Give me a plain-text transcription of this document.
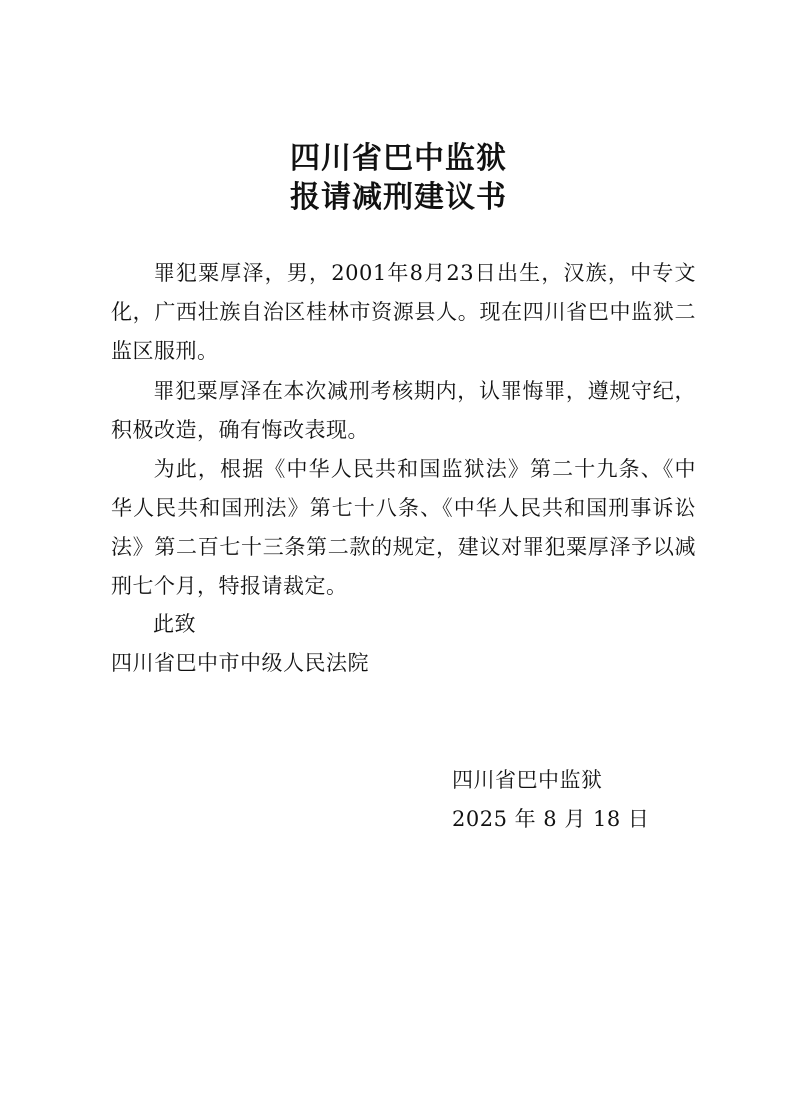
四川省巴中监狱
报请减刑建议书
罪犯粟厚泽，男，2001年8月23日出生，汉族，中专文化，广西壮族自治区桂林市资源县人。现在四川省巴中监狱二监区服刑。
罪犯粟厚泽在本次减刑考核期内，认罪悔罪，遵规守纪，积极改造，确有悔改表现。
为此，根据《中华人民共和国监狱法》第二十九条、《中华人民共和国刑法》第七十八条、《中华人民共和国刑事诉讼法》第二百七十三条第二款的规定，建议对罪犯粟厚泽予以减刑七个月，特报请裁定。
此致
四川省巴中市中级人民法院
四川省巴中监狱
2025 年 8 月 18 日
